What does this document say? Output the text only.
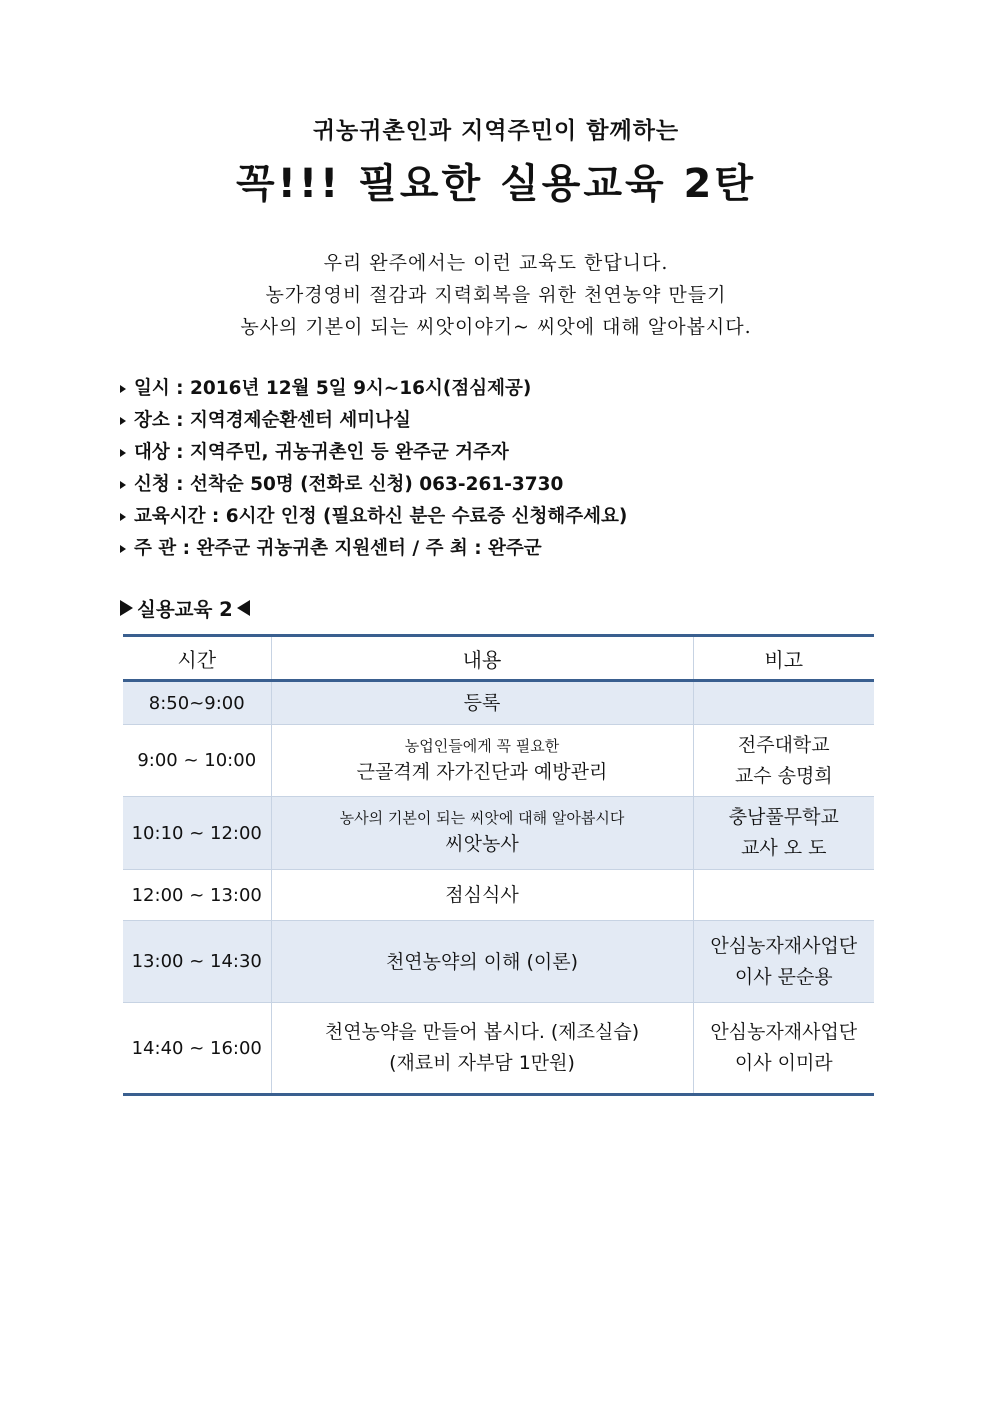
귀농귀촌인과 지역주민이 함께하는
꼭!!! 필요한 실용교육 2탄
우리 완주에서는 이런 교육도 한답니다.
농가경영비 절감과 지력회복을 위한 천연농약 만들기
농사의 기본이 되는 씨앗이야기~ 씨앗에 대해 알아봅시다.
일시 : 2016년 12월 5일 9시~16시(점심제공)
장소 : 지역경제순환센터 세미나실
대상 : 지역주민, 귀농귀촌인 등 완주군 거주자
신청 : 선착순 50명 (전화로 신청) 063-261-3730
교육시간 : 6시간 인정 (필요하신 분은 수료증 신청해주세요)
주 관 : 완주군 귀농귀촌 지원센터 / 주 최 : 완주군
실용교육 2
시간	내용	비고
8:50~9:00	등록	

9:00 ~ 10:00	농업인들에게 꼭 필요한
근골격계 자가진단과 예방관리	전주대학교
교수 송명희

10:10 ~ 12:00	농사의 기본이 되는 씨앗에 대해 알아봅시다
씨앗농사	충남풀무학교
교사 오 도

12:00 ~ 13:00	점심식사	

13:00 ~ 14:30	천연농약의 이해 (이론)	안심농자재사업단
이사 문순용

14:40 ~ 16:00	천연농약을 만들어 봅시다. (제조실습)
(재료비 자부담 1만원)	안심농자재사업단
이사 이미라
